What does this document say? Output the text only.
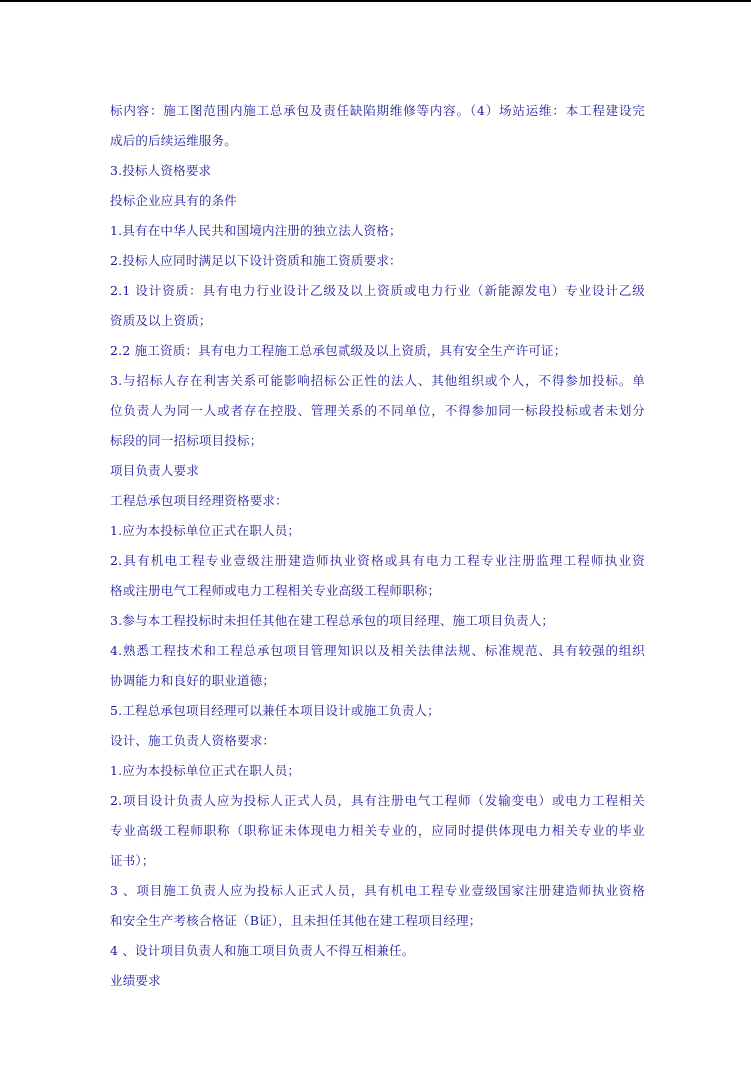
标内容：施工图范围内施工总承包及责任缺陷期维修等内容。（4）场站运维：本工程建设完
成后的后续运维服务。
3.投标人资格要求
投标企业应具有的条件
1.具有在中华人民共和国境内注册的独立法人资格；
2.投标人应同时满足以下设计资质和施工资质要求：
2.1 设计资质：具有电力行业设计乙级及以上资质或电力行业（新能源发电）专业设计乙级
资质及以上资质；
2.2 施工资质：具有电力工程施工总承包贰级及以上资质，具有安全生产许可证；
3.与招标人存在利害关系可能影响招标公正性的法人、其他组织或个人，不得参加投标。单
位负责人为同一人或者存在控股、管理关系的不同单位，不得参加同一标段投标或者未划分
标段的同一招标项目投标；
项目负责人要求
工程总承包项目经理资格要求：
1.应为本投标单位正式在职人员；
2.具有机电工程专业壹级注册建造师执业资格或具有电力工程专业注册监理工程师执业资
格或注册电气工程师或电力工程相关专业高级工程师职称；
3.参与本工程投标时未担任其他在建工程总承包的项目经理、施工项目负责人；
4.熟悉工程技术和工程总承包项目管理知识以及相关法律法规、标准规范、具有较强的组织
协调能力和良好的职业道德；
5.工程总承包项目经理可以兼任本项目设计或施工负责人；
设计、施工负责人资格要求：
1.应为本投标单位正式在职人员；
2.项目设计负责人应为投标人正式人员，具有注册电气工程师（发输变电）或电力工程相关
专业高级工程师职称（职称证未体现电力相关专业的，应同时提供体现电力相关专业的毕业
证书）；
3 、项目施工负责人应为投标人正式人员，具有机电工程专业壹级国家注册建造师执业资格
和安全生产考核合格证（B证），且未担任其他在建工程项目经理；
4 、设计项目负责人和施工项目负责人不得互相兼任。
业绩要求
